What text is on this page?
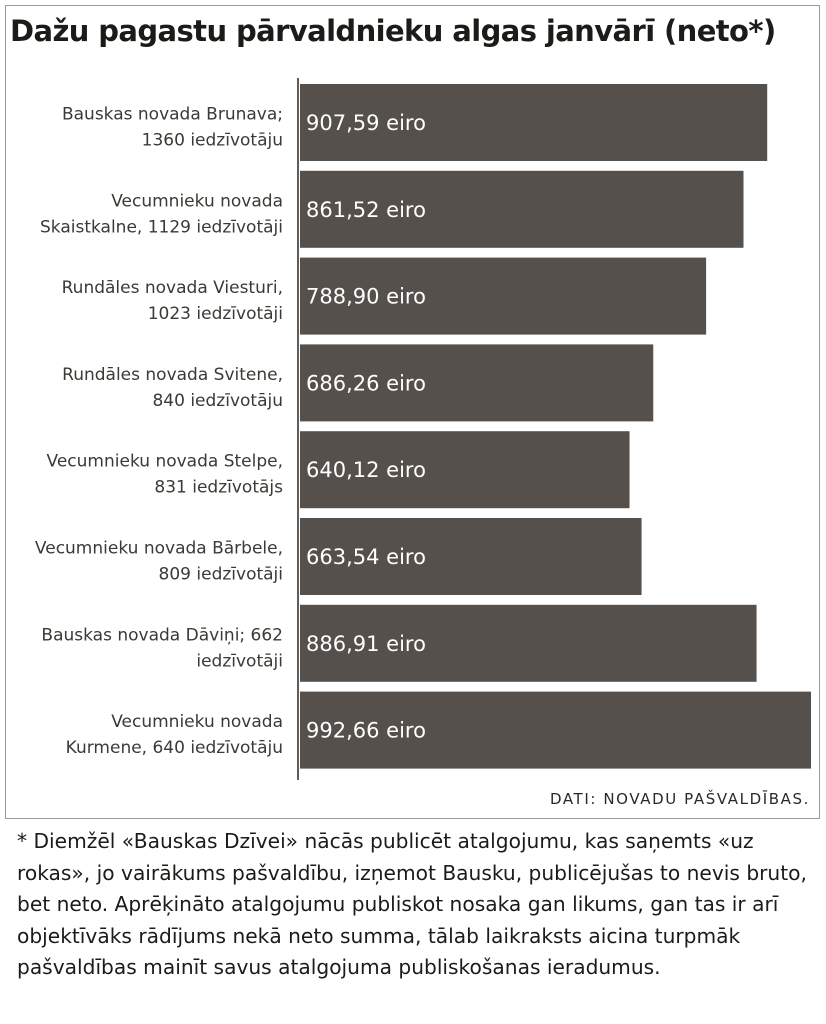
Dažu pagastu pārvaldnieku algas janvārī (neto*)
907,59 eiro
Bauskas novada Brunava;
1360 iedzīvotāju
861,52 eiro
Vecumnieku novada
Skaistkalne, 1129 iedzīvotāji
788,90 eiro
Rundāles novada Viesturi,
1023 iedzīvotāji
686,26 eiro
Rundāles novada Svitene,
840 iedzīvotāju
640,12 eiro
Vecumnieku novada Stelpe,
831 iedzīvotājs
663,54 eiro
Vecumnieku novada Bārbele,
809 iedzīvotāji
886,91 eiro
Bauskas novada Dāviņi; 662
iedzīvotāji
992,66 eiro
Vecumnieku novada
Kurmene, 640 iedzīvotāju
DATI: NOVADU PAŠVALDĪBAS.

* Diemžēl «Bauskas Dzīvei» nācās publicēt atalgojumu, kas saņemts «uz rokas», jo vairākums pašvaldību, izņemot Bausku, publicējušas to nevis bruto, bet neto. Aprēķināto atalgojumu publiskot nosaka gan likums, gan tas ir arī objektīvāks rādījums nekā neto summa, tālab laikraksts aicina turpmāk pašvaldības mainīt savus atalgojuma publiskošanas ieradumus.
